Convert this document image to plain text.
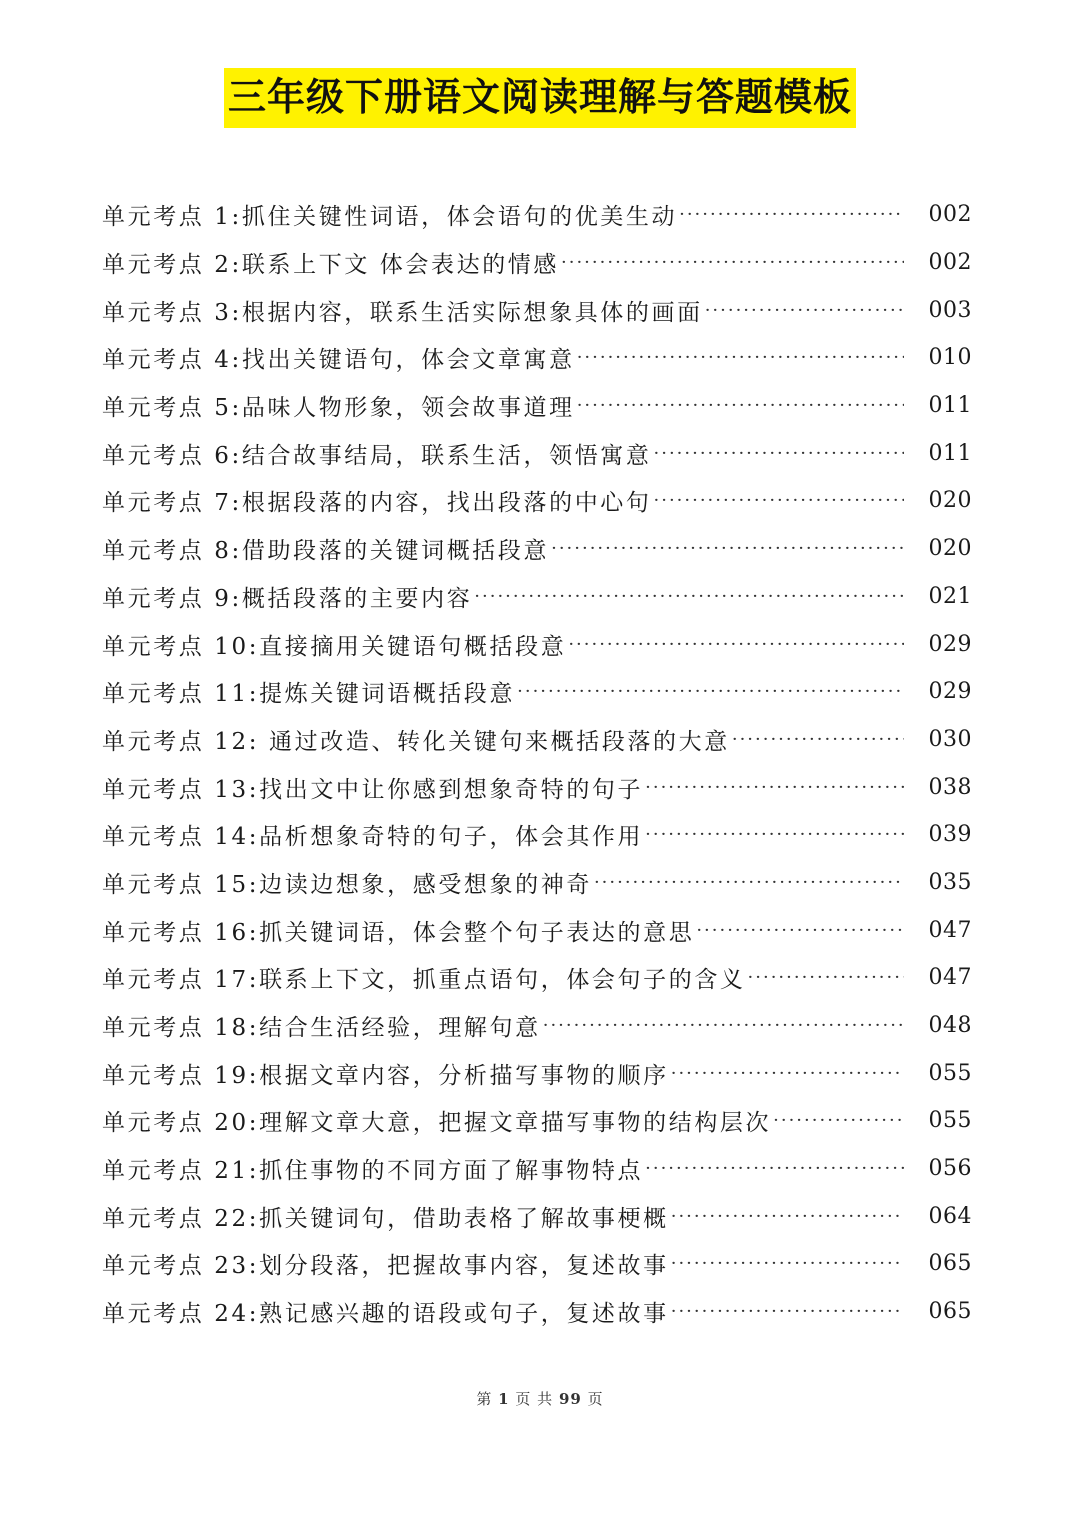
三年级下册语文阅读理解与答题模板
单元考点 1:抓住关键性词语，体会语句的优美生动 ·····	002
单元考点 2:联系上下文 体会表达的情感 ·····	002
单元考点 3:根据内容，联系生活实际想象具体的画面 ·····	003
单元考点 4:找出关键语句，体会文章寓意 ·····	010
单元考点 5:品味人物形象，领会故事道理 ·····	011
单元考点 6:结合故事结局，联系生活，领悟寓意 ·····	011
单元考点 7:根据段落的内容，找出段落的中心句 ·····	020
单元考点 8:借助段落的关键词概括段意 ·····	020
单元考点 9:概括段落的主要内容 ·····	021
单元考点 10:直接摘用关键语句概括段意 ·····	029
单元考点 11:提炼关键词语概括段意 ·····	029
单元考点 12: 通过改造、转化关键句来概括段落的大意 ·····	030
单元考点 13:找出文中让你感到想象奇特的句子 ·····	038
单元考点 14:品析想象奇特的句子，体会其作用 ·····	039
单元考点 15:边读边想象，感受想象的神奇 ·····	035
单元考点 16:抓关键词语，体会整个句子表达的意思 ·····	047
单元考点 17:联系上下文，抓重点语句，体会句子的含义 ·····	047
单元考点 18:结合生活经验，理解句意 ·····	048
单元考点 19:根据文章内容，分析描写事物的顺序 ·····	055
单元考点 20:理解文章大意，把握文章描写事物的结构层次 ·····	055
单元考点 21:抓住事物的不同方面了解事物特点 ·····	056
单元考点 22:抓关键词句，借助表格了解故事梗概 ·····	064
单元考点 23:划分段落，把握故事内容，复述故事 ·····	065
单元考点 24:熟记感兴趣的语段或句子，复述故事 ·····	065
第 1 页 共 99 页
